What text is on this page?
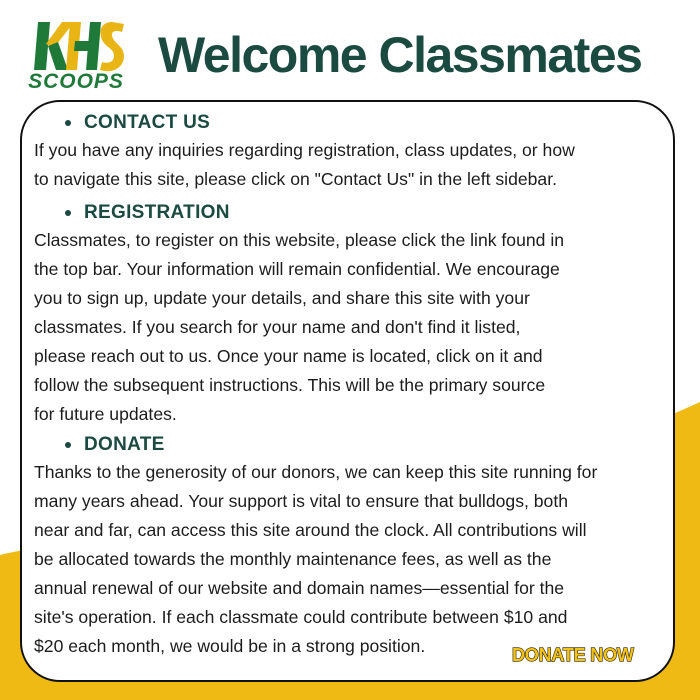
SCOOPS Welcome Classmates
CONTACT US
If you have any inquiries regarding registration, class updates, or how
to navigate this site, please click on "Contact Us" in the left sidebar.
REGISTRATION
Classmates, to register on this website, please click the link found in
the top bar. Your information will remain confidential. We encourage
you to sign up, update your details, and share this site with your
classmates. If you search for your name and don't find it listed,
please reach out to us. Once your name is located, click on it and
follow the subsequent instructions. This will be the primary source
for future updates.
DONATE
Thanks to the generosity of our donors, we can keep this site running for
many years ahead. Your support is vital to ensure that bulldogs, both
near and far, can access this site around the clock. All contributions will
be allocated towards the monthly maintenance fees, as well as the
annual renewal of our website and domain names—essential for the
site's operation. If each classmate could contribute between $10 and
$20 each month, we would be in a strong position.	DONATE NOW
